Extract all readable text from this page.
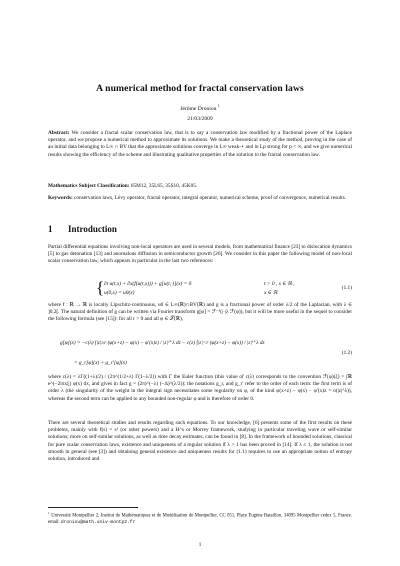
A numerical method for fractal conservation laws
Jérôme Droniou $^1$
21/03/2009
Abstract: We consider a fractal scalar conservation law, that is to say a conservation law modified by a fractional power of the Laplace operator, and we propose a numerical method to approximate its solutions. We make a theoretical study of the method, proving in the case of an initial data belonging to L∞ ∩ BV that the approximate solutions converge in L∞ weak-⋆ and in Lp strong for p < ∞, and we give numerical results showing the efficiency of the scheme and illustrating qualitative properties of the solution to the fractal conservation law.
Mathematics Subject Classification: 65M12, 35L65, 35S10, 45K05.
Keywords: conservation laws, Lévy operator, fractal operator, integral operator, numerical scheme, proof of convergence, numerical results.
1 Introduction
Partial differential equations involving non-local operators are used in several models, from mathematical finance [23] to dislocation dynamics [5] to gas detonation [13] and anomalous diffusion in semiconductor growth [26]. We consider in this paper the following model of non-local scalar conservation law, which appears in particular in the last two references:
{ ∂t u(t,x) + ∂x(f(u(t,x))) + g[u(t,·)](x) = 0
u(0,x) = u0(x)
t > 0 , x ∈ ℝ ,
x ∈ ℝ
(1.1)
where f : ℝ → ℝ is locally Lipschitz-continuous, u0 ∈ L∞(ℝ)∩BV(ℝ) and g is a fractional power of order λ/2 of the Laplacian, with λ ∈ ]0,2[. The natural definition of g can be written via Fourier transform g[φ] = ℱ⁻¹(|·|λ ℱ(φ)), but it will be more useful in the sequel to consider the following formula (see [15]): for all r > 0 and all φ ∈ 𝒮(ℝ),
g[φ](x) = −c(λ) ∫|z|≥r (φ(x+z) − φ(x) − φ′(x)z) / |z|¹⁺λ dz − c(λ) ∫|z|<r (φ(x+z) − φ(x)) / |z|¹⁺λ dz
= g_r[φ](x) + g_r′[φ](x)
(1.2)
where c(λ) = λΓ((1+λ)/2) / (2π^(1/2+λ) Γ(1−λ/2)) with Γ the Euler function (this value of c(λ) corresponds to the convention ℱ(φ)(ξ) = ∫ℝ e^(−2iπxξ) φ(x) dx, and gives in fact g = (2π)^(−λ) (−Δ)^(λ/2)); the notations g_r, and g_r′ refer to the order of each term: the first term is of order λ (the singularity of the weight in the integral sign necessitates some regularity on φ, of the kind φ(x+z) − φ(x) − φ′(x)z = o(|z|^λ)), whereas the second term can be applied to any bounded non-regular φ and is therefore of order 0.
There are several theoretical studies and results regarding such equations. To our knowledge, [6] presents some of the first results on these problems, mainly with f(s) = s² (or other powers) and a H^s or Morrey framework, studying in particular traveling wave or self-similar solutions; more on self-similar solutions, as well as time decay estimates, can be found in [8]. In the framework of bounded solutions, classical for pure scalar conservation laws, existence and uniqueness of a regular solution if λ > 1 has been proved in [14]. If λ ≤ 1, the solution is not smooth in general (see [3]) and obtaining general existence and uniqueness results for (1.1) requires to use an appropriate notion of entropy solution, introduced and
$^1$ Université Montpellier 2, Institut de Mathématiques et de Modélisation de Montpellier, CC 051, Place Eugène Bataillon, 34095 Montpellier cedex 5, France. email: droniou@math.univ-montp2.fr
1
